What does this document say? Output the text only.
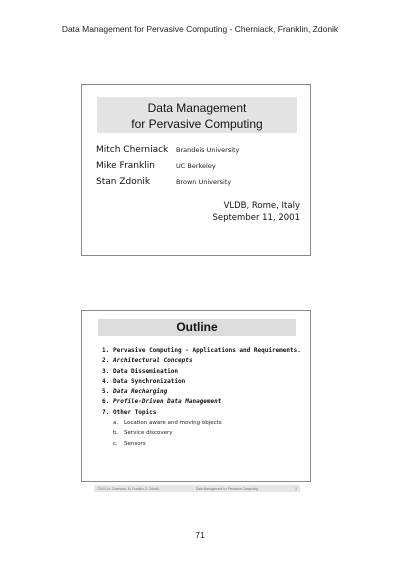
Data Management for Pervasive Computing - Cherniack, Franklin, Zdonik
Data Management
for Pervasive Computing
Mitch Cherniack	Brandeis University
Mike Franklin	UC Berkeley
Stan Zdonik	Brown University
VLDB, Rome, Italy
September 11, 2001
Outline
1. Pervasive Computing - Applications and Requirements.
2. Architectural Concepts
3. Data Dissemination
4. Data Synchronization
5. Data Recharging
6. Profile-Driven Data Management
7. Other Topics
a. Location aware and moving objects
b. Service discovery
c. Sensors
©2001 M. Cherniack, M. Franklin, S. Zdonik	Data Management for Pervasive Computing	2
71
